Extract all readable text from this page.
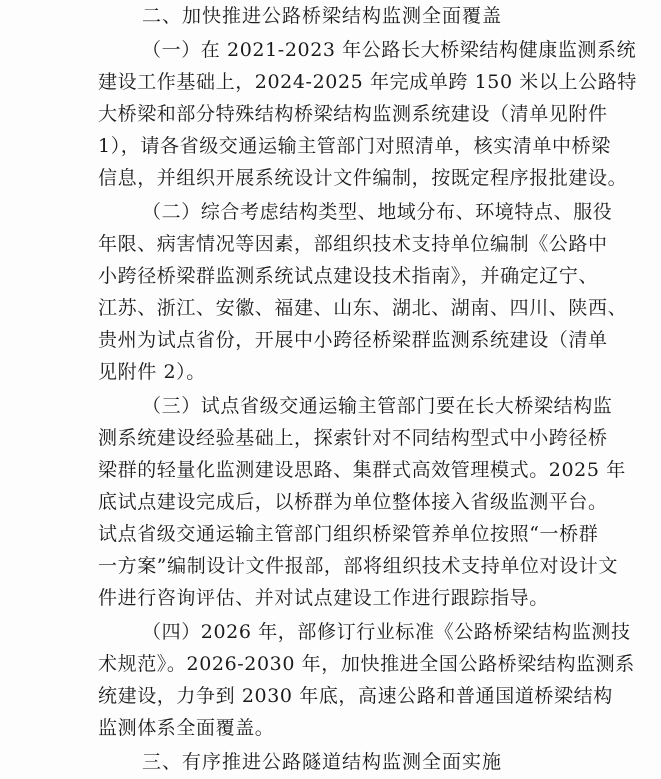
二、加快推进公路桥梁结构监测全面覆盖
（一）在 2021-2023 年公路长大桥梁结构健康监测系统
建设工作基础上，2024-2025 年完成单跨 150 米以上公路特
大桥梁和部分特殊结构桥梁结构监测系统建设（清单见附件
1），请各省级交通运输主管部门对照清单，核实清单中桥梁
信息，并组织开展系统设计文件编制，按既定程序报批建设。
（二）综合考虑结构类型、地域分布、环境特点、服役
年限、病害情况等因素，部组织技术支持单位编制《公路中
小跨径桥梁群监测系统试点建设技术指南》，并确定辽宁、
江苏、浙江、安徽、福建、山东、湖北、湖南、四川、陕西、
贵州为试点省份，开展中小跨径桥梁群监测系统建设（清单
见附件 2）。
（三）试点省级交通运输主管部门要在长大桥梁结构监
测系统建设经验基础上，探索针对不同结构型式中小跨径桥
梁群的轻量化监测建设思路、集群式高效管理模式。2025 年
底试点建设完成后，以桥群为单位整体接入省级监测平台。
试点省级交通运输主管部门组织桥梁管养单位按照“一桥群
一方案”编制设计文件报部，部将组织技术支持单位对设计文
件进行咨询评估、并对试点建设工作进行跟踪指导。
（四）2026 年，部修订行业标准《公路桥梁结构监测技
术规范》。2026-2030 年，加快推进全国公路桥梁结构监测系
统建设，力争到 2030 年底，高速公路和普通国道桥梁结构
监测体系全面覆盖。
三、有序推进公路隧道结构监测全面实施
